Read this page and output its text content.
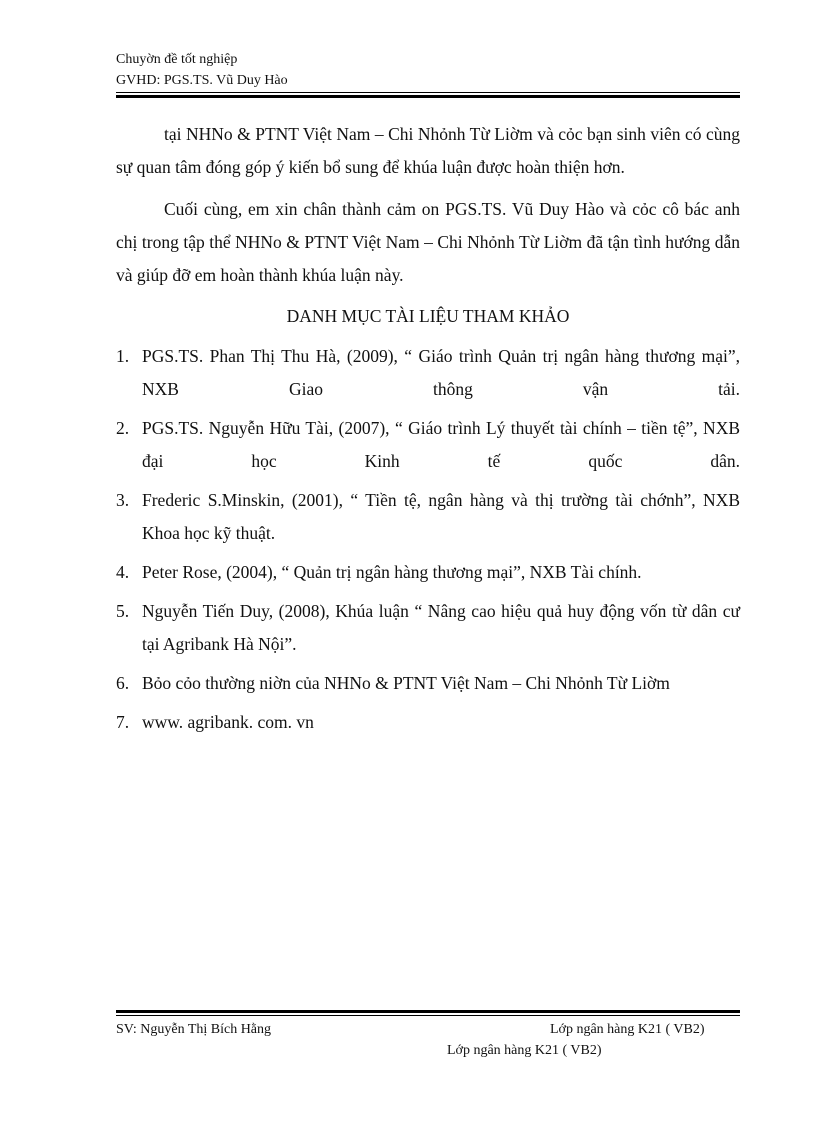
Chuyờn đề tốt nghiệp
GVHD: PGS.TS. Vũ Duy Hào

tại NHNo & PTNT Việt Nam – Chi Nhỏnh Từ Liờm và cỏc bạn sinh viên có cùng sự quan tâm đóng góp ý kiến bổ sung để khúa luận được hoàn thiện hơn.

Cuối cùng, em xin chân thành cảm on PGS.TS. Vũ Duy Hào và cỏc cô bác anh chị trong tập thể NHNo & PTNT Việt Nam – Chi Nhỏnh Từ Liờm đã tận tình hướng dẫn và giúp đỡ em hoàn thành khúa luận này.

DANH MỤC TÀI LIỆU THAM KHẢO
1. PGS.TS. Phan Thị Thu Hà, (2009), “ Giáo trình Quản trị ngân hàng thương mại”, NXB Giao thông vận tải.
2. PGS.TS. Nguyễn Hữu Tài, (2007), “ Giáo trình Lý thuyết tài chính – tiền tệ”, NXB đại học Kinh tế quốc dân.
3. Frederic S.Minskin, (2001), “ Tiền tệ, ngân hàng và thị trường tài chớnh”, NXB Khoa học kỹ thuật.
4. Peter Rose, (2004), “ Quản trị ngân hàng thương mại”, NXB Tài chính.
5. Nguyễn Tiến Duy, (2008), Khúa luận “ Nâng cao hiệu quả huy động vốn từ dân cư tại Agribank Hà Nội”.
6. Bỏo cỏo thường niờn của NHNo & PTNT Việt Nam – Chi Nhỏnh Từ Liờm
7. www. agribank. com. vn
SV: Nguyễn Thị Bích Hằng	Lớp ngân hàng K21 ( VB2)
Lớp ngân hàng K21 ( VB2)
